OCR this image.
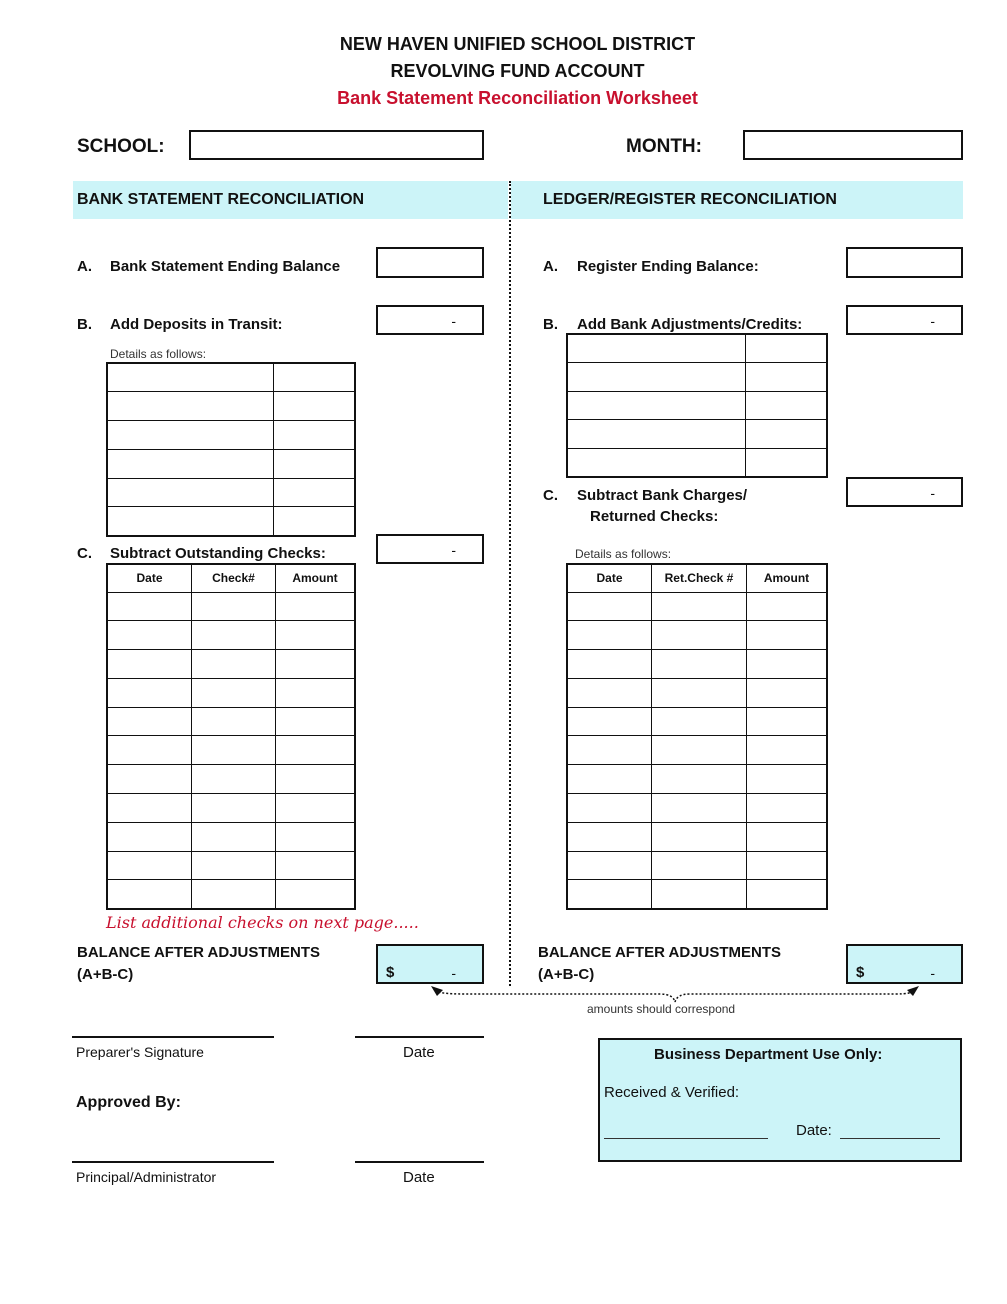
NEW HAVEN UNIFIED SCHOOL DISTRICT
REVOLVING FUND ACCOUNT
Bank Statement Reconciliation Worksheet
SCHOOL:	MONTH:
BANK STATEMENT RECONCILIATION	LEDGER/REGISTER RECONCILIATION
A. Bank Statement Ending Balance
B. Add Deposits in Transit:	-
Details as follows:

C. Subtract Outstanding Checks:	-
Date	Check#	Amount

List additional checks on next page.....
BALANCE AFTER ADJUSTMENTS
(A+B-C)	$	-
A. Register Ending Balance:
B. Add Bank Adjustments/Credits:	-

C. Subtract Bank Charges/
Returned Checks:
-
Details as follows:
Date	Ret.Check #	Amount

BALANCE AFTER ADJUSTMENTS
(A+B-C)	$	-
amounts should correspond
Preparer's Signature	Date
Approved By:
Principal/Administrator	Date
Business Department Use Only:
Received & Verified:
Date:
